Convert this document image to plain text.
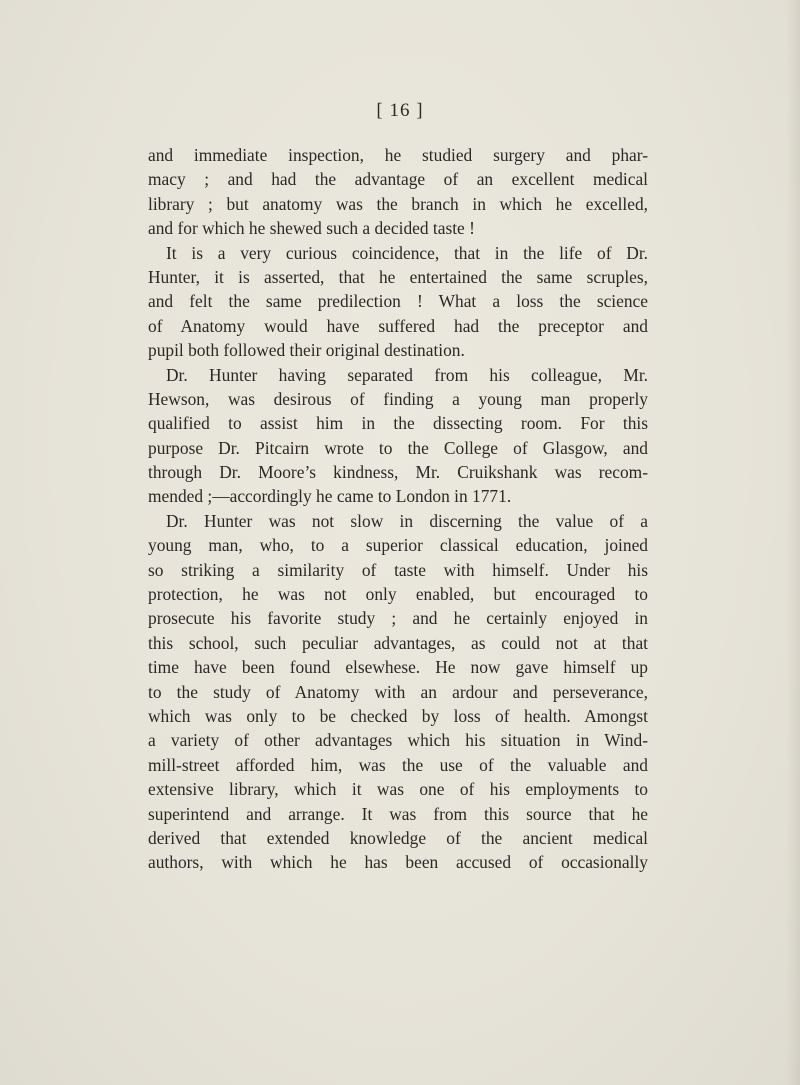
[ 16 ]
and immediate inspection, he studied surgery and phar-
macy ; and had the advantage of an excellent medical
library ; but anatomy was the branch in which he excelled,
and for which he shewed such a decided taste !
It is a very curious coincidence, that in the life of Dr.
Hunter, it is asserted, that he entertained the same scruples,
and felt the same predilection ! What a loss the science
of Anatomy would have suffered had the preceptor and
pupil both followed their original destination.
Dr. Hunter having separated from his colleague, Mr.
Hewson, was desirous of finding a young man properly
qualified to assist him in the dissecting room. For this
purpose Dr. Pitcairn wrote to the College of Glasgow, and
through Dr. Moore’s kindness, Mr. Cruikshank was recom-
mended ;—accordingly he came to London in 1771.
Dr. Hunter was not slow in discerning the value of a
young man, who, to a superior classical education, joined
so striking a similarity of taste with himself. Under his
protection, he was not only enabled, but encouraged to
prosecute his favorite study ; and he certainly enjoyed in
this school, such peculiar advantages, as could not at that
time have been found elsewhese. He now gave himself up
to the study of Anatomy with an ardour and perseverance,
which was only to be checked by loss of health. Amongst
a variety of other advantages which his situation in Wind-
mill-street afforded him, was the use of the valuable and
extensive library, which it was one of his employments to
superintend and arrange. It was from this source that he
derived that extended knowledge of the ancient medical
authors, with which he has been accused of occasionally
